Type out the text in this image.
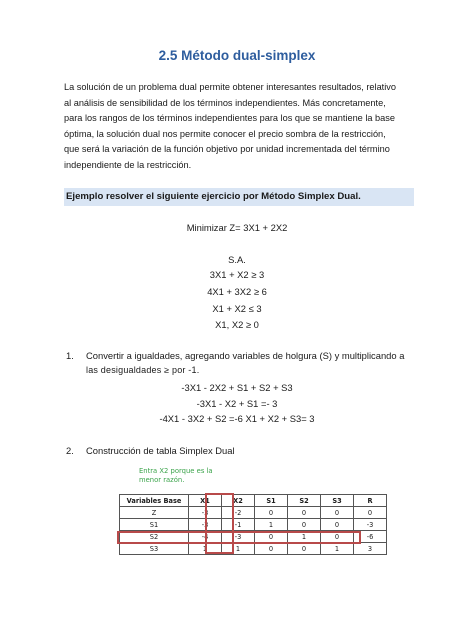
2.5 Método dual-simplex

La solución de un problema dual permite obtener interesantes resultados, relativo

al análisis de sensibilidad de los términos independientes. Más concretamente,

para los rangos de los términos independientes para los que se mantiene la base

óptima, la solución dual nos permite conocer el precio sombra de la restricción,

que será la variación de la función objetivo por unidad incrementada del término

independiente de la restricción.

Ejemplo resolver el siguiente ejercicio por Método Simplex Dual.
Minimizar Z= 3X1 + 2X2
S.A.
3X1 + X2 ≥ 3
4X1 + 3X2 ≥ 6
X1 + X2 ≤ 3
X1, X2 ≥ 0
1. Convertir a igualdades, agregando variables de holgura (S) y multiplicando a
las desigualdades ≥ por -1.
-3X1 - 2X2 + S1 + S2 + S3
-3X1 - X2 + S1 =- 3
-4X1 - 3X2 + S2 =-6 X1 + X2 + S3= 3
2. Construcción de tabla Simplex Dual
Entra X2 porque es la
menor razón.
Variables Base	X1	X2	S1	S2	S3	R
Z	-3	-2	0	0	0	0
S1	-3	-1	1	0	0	-3
S2	-4	-3	0	1	0	-6
S3	1	1	0	0	1	3
